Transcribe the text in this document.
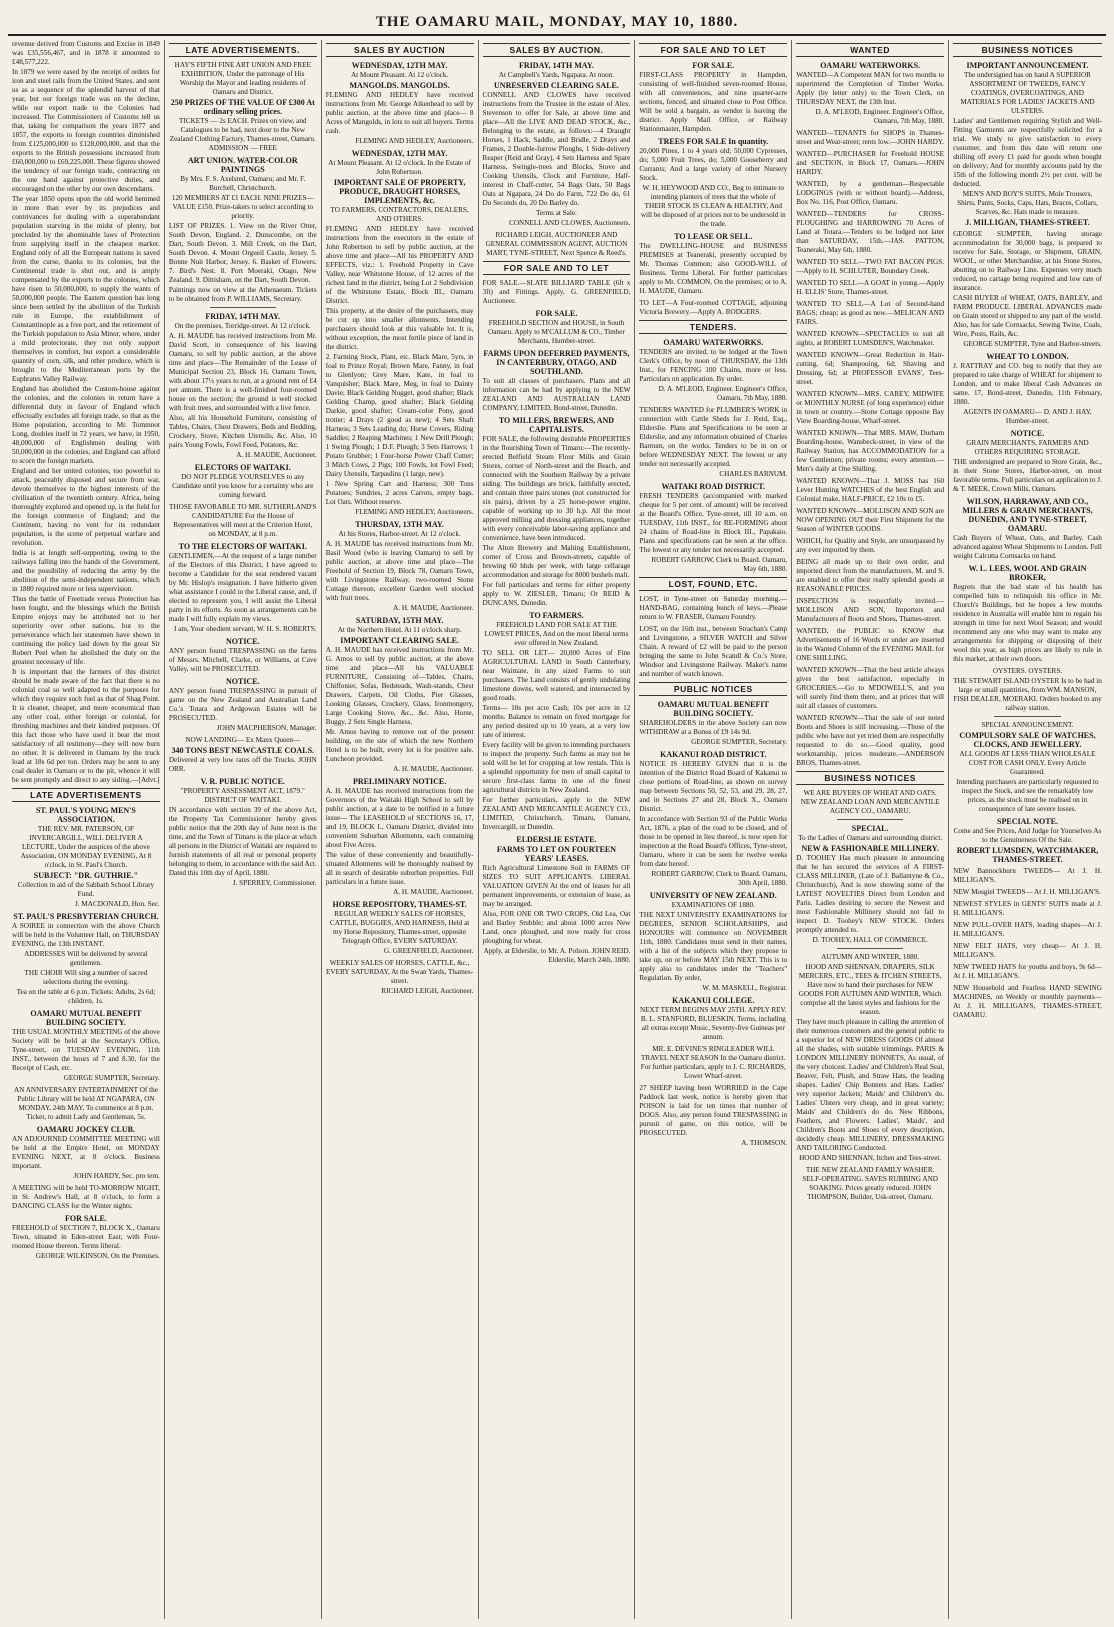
THE OAMARU MAIL, MONDAY, MAY 10, 1880.

revenue derived from Customs and Excise in 1849 was £35,556,467, and in 1878 it amounted to £48,577,222.

In 1879 we were eased by the receipt of orders for iron and steel rails from the United States, and sent us as a sequence of the splendid harvest of that year, but our foreign trade was on the decline, while our export trade to the Colonies had increased. The Commissioners of Customs tell us that, taking for comparison the years 1877 and 1857, the exports to foreign countries diminished from £125,000,000 to £128,000,000, and that the exports to the British possessions increased from £60,000,000 to £69,225,000. These figures showed the tendency of our foreign trade, contracting on the one hand against protective duties, and encouraged on the other by our own descendants.

The year 1850 opens upon the old world hemmed in more than ever by its prejudices and contrivances for dealing with a superabundant population starving in the midst of plenty, but precluded by the abominable laws of Protection from supplying itself in the cheapest market. England only of all the European nations is saved from the curse, thanks to its colonies, but the Continental trade is shut out, and is amply compensated by the exports to the colonies, which have risen to 50,000,000, to supply the wants of 50,000,000 people. The Eastern question has long since been settled by the abolition of the Turkish rule in Europe, the establishment of Constantinople as a free port, and the retirement of the Turkish population to Asia Minor, where, under a mild protectorate, they not only support themselves in comfort, but export a considerable quantity of corn, silk, and other produce, which is brought to the Mediterranean ports by the Euphrates Valley Railway.

England has abolished the Custom-house against the colonies, and the colonies in return have a differential duty in favour of England which effectually excludes all foreign trade, so that as the Home population, according to Mr. Tommnot Long, doubles itself in 72 years, we have, in 1950, 48,000,000 of Englishmen dealing with 50,000,000 in the colonies, and England can afford to scorn the foreign markets.

England and her united colonies, too powerful to attack, peaceably disposed and secure from war, devote themselves to the highest interests of the civilisation of the twentieth century. Africa, being thoroughly explored and opened up, is the field for the foreign commerce of England; and the Continent, having no vent for its redundant population, is the scene of perpetual warfare and revolution.

India is at length self-supporting, owing to the railways falling into the hands of the Government, and the possibility of reducing the army by the abolition of the semi-independent nations, which in 1880 required more or less supervision.

Thus the battle of Freetrade versus Protection has been fought, and the blessings which the British Empire enjoys may be attributed not to her superiority over other nations, but to the perseverance which her statesmen have shown in continuing the policy laid down by the great Sir Robert Peel when he abolished the duty on the greatest necessary of life.

It is important that the farmers of this district should be made aware of the fact that there is no colonial coal so well adapted to the purposes for which they require such fuel as that of Shag Point. It is cleaner, cheaper, and more economical than any other coal, either foreign or colonial, for threshing machines and their kindred purposes. Of this fact those who have used it bear the most satisfactory of all testimony—they will now burn no other. It is delivered in Oamaru by the truck load at 18s 6d per ton. Orders may be sent to any coal dealer in Oamaru or to the pit, whence it will be sent promptly and direct to any siding.—[Advt.]

LATE ADVERTISEMENTS

ST. PAUL'S YOUNG MEN'S ASSOCIATION.

THE REV. MR. PATERSON, OF INVERCARGILL, WILL DELIVER A LECTURE, Under the auspices of the above Association, ON MONDAY EVENING, At 8 o'clock, in St. Paul's Church.

SUBJECT: "DR. GUTHRIE."

Collection in aid of the Sabbath School Library Fund.

J. MACDONALD, Hon. Sec.

ST. PAUL'S PRESBYTERIAN CHURCH.

A SOIREE in connection with the above Church will be held in the Volunteer Hall, on THURSDAY EVENING, the 13th INSTANT.

ADDRESSES Will be delivered by several gentlemen.

THE CHOIR Will sing a number of sacred selections during the evening.

Tea on the table at 6 p.m. Tickets: Adults, 2s 6d; children, 1s.

OAMARU MUTUAL BENEFIT BUILDING SOCIETY.

THE USUAL MONTHLY MEETING of the above Society will be held at the Secretary's Office, Tyne-street, on TUESDAY EVENING, 11th INST., between the hours of 7 and 8.30, for the Receipt of Cash, etc.

GEORGE SUMPTER, Secretary.

AN ANNIVERSARY ENTERTAINMENT Of the Public Library will be held AT NGAPARA, ON MONDAY, 24th MAY, To commence at 8 p.m. Ticket, to admit Lady and Gentleman, 5s.

OAMARU JOCKEY CLUB.

AN ADJOURNED COMMITTEE MEETING will be held at the Empire Hotel, on MONDAY EVENING NEXT, at 8 o'clock. Business important.

JOHN HARDY, Sec. pro tem.

A MEETING will be held TO-MORROW NIGHT, in St. Andrew's Hall, at 8 o'clock, to form a DANCING CLASS for the Winter nights.

FOR SALE.

FREEHOLD of SECTION 7, BLOCK X., Oamaru Town, situated in Eden-street East; with Four-roomed House thereon. Terms liberal.

GEORGE WILKINSON, On the Premises.

LATE ADVERTISEMENTS.

HAY'S FIFTH FINE ART UNION AND FREE EXHIBITION, Under the patronage of His Worship the Mayor and leading residents of Oamaru and District.

250 PRIZES OF THE VALUE OF £300 At ordinary selling prices.

TICKETS — 2s EACH. Prizes on view, and Catalogues to be had, next door to the New Zealand Clothing Factory, Thames-street, Oamaru. ADMISSION — FREE

ART UNION. WATER-COLOR PAINTINGS

By Mrs. F. S. Axelsted, Oamaru; and Mr. F. Burchell, Christchurch.

120 MEMBERS AT £1 EACH. NINE PRIZES—VALUE £150. Prize-takers to select according to priority.

LIST OF PRIZES. 1. View on the River Otter, South Devon, England. 2. Dunscombe, on the Dart, South Devon. 3. Mill Creek, on the Dart, South Devon. 4. Mount Orgueil Castle, Jersey. 5. Bonne Nuit Harbor, Jersey. 6. Basket of Flowers. 7. Bird's Nest. 8. Port Moeraki, Otago, New Zealand. 9. Dittisham, on the Dart, South Devon.

Paintings now on view at the Athenaeum. Tickets to be obtained from P. WILLIAMS, Secretary.

FRIDAY, 14TH MAY.

On the premises, Torridge-street. At 12 o'clock.

A. H. MAUDE has received instructions from Mr. David Scott, in consequence of his leaving Oamaru, to sell by public auction, at the above time and place—The Remainder of the Lease of Municipal Section 23, Block 16, Oamaru Town, with about 17½ years to run, at a ground rent of £4 per annum. There is a well-finished four-roomed house on the section; the ground is well stocked with fruit trees, and surrounded with a live fence.

Also, all his Household Furniture, consisting of Tables, Chairs, Chest Drawers, Beds and Bedding, Crockery, Stove, Kitchen Utensils, &c. Also, 10 pairs Young Fowls, Fowl Feed, Potatoes, &c.

A. H. MAUDE, Auctioneer.

ELECTORS OF WAITAKI.

DO NOT PLEDGE YOURSELVES to any Candidate until you know for a certainty who are coming forward.

THOSE FAVORABLE TO MR. SUTHERLAND'S CANDIDATURE For the House of Representatives will meet at the Criterion Hotel, on MONDAY, at 8 p.m.

TO THE ELECTORS OF WAITAKI.

GENTLEMEN,—At the request of a large number of the Electors of this District, I have agreed to become a Candidate for the seat rendered vacant by Mr. Hislop's resignation. I have hitherto given what assistance I could to the Liberal cause, and, if elected to represent you, I will assist the Liberal party in its efforts. As soon as arrangements can be made I will fully explain my views.

I am, Your obedient servant, W. H. S. ROBERTS.

NOTICE.

ANY person found TRESPASSING on the farms of Messrs. Mitchell, Clarke, or Williams, at Cave Valley, will be PROSECUTED.

NOTICE.

ANY person found TRESPASSING in pursuit of game on the New Zealand and Australian Land Co.'s Totara and Ardgowan Estates will be PROSECUTED.

JOHN MACPHERSON, Manager.

NOW LANDING— Ex Manx Queen—

340 TONS BEST NEWCASTLE COALS.

Delivered at very low rates off the Trucks. JOHN ORR.

V. R. PUBLIC NOTICE.

"PROPERTY ASSESSMENT ACT, 1879." DISTRICT OF WAITAKI.

IN accordance with section 39 of the above Act, the Property Tax Commissioner hereby gives public notice that the 20th day of June next is the time, and the Town of Timaru is the place at which all persons in the District of Waitaki are required to furnish statements of all real or personal property belonging to them, in accordance with the said Act. Dated this 10th day of April, 1880.

J. SPERREY, Commissioner.

SALES BY AUCTION

WEDNESDAY, 12TH MAY.

At Mount Pleasant. At 12 o'clock.

MANGOLDS. MANGOLDS.

FLEMING AND HEDLEY have received instructions from Mr. George Aikenhead to sell by public auction, at the above time and place— 8 Acres of Mangolds, in lots to suit all buyers. Terms cash.

FLEMING AND HEDLEY, Auctioneers.

WEDNESDAY, 12TH MAY.

At Mount Pleasant. At 12 o'clock. In the Estate of John Robertson.

IMPORTANT SALE OF PROPERTY, PRODUCE, DRAUGHT HORSES, IMPLEMENTS, &c.

TO FARMERS, CONTRACTORS, DEALERS, AND OTHERS.

FLEMING AND HEDLEY have received instructions from the executors in the estate of John Robertson to sell by public auction, at the above time and place—All his PROPERTY AND EFFECTS, viz.: 1. Freehold Property in Cave Valley, near Whitstone House, of 12 acres of the richest land in the district, being Lot 2 Subdivision of the Whitstone Estate, Block III., Oamaru District.

This property, at the desire of the purchasers, may be cut up into smaller allotments. Intending purchasers should look at this valuable lot. It is, without exception, the most fertile piece of land in the district.

2. Farming Stock, Plant, etc. Black Mare, 5yrs, in foal to Prince Royal; Brown Mare, Fanny, in foal to Glenlyon; Grey Mare, Kate, in foal to Vanquisher; Black Mare, Meg, in foal to Dainty Davie; Black Gelding Nugget, good shafter; Black Gelding Champ, good shafter; Black Gelding Darkie, good shafter; Cream-color Pony, good trotter; 4 Drays (2 good as new); 4 Sets Shaft Harness; 3 Sets Leading do; Horse Covers, Riding Saddles; 2 Reaping Machines; 1 New Drill Plough; 1 Swing Plough; 1 D.F. Plough; 3 Sets Harrows; 1 Potato Grubber; 1 Four-horse Power Chaff Cutter; 3 Milch Cows, 2 Pigs; 100 Fowls, lot Fowl Feed; Dairy Utensils, Tarpaulins (1 large, new).

1 New Spring Cart and Harness; 300 Tons Potatoes; Sundries, 2 acres Carrots, empty bags. Lot Oats. Without reserve.

FLEMING AND HEDLEY, Auctioneers.

THURSDAY, 13TH MAY.

At his Stores, Harbor-street. At 12 o'clock.

A. H. MAUDE has received instructions from Mr. Basil Wood (who is leaving Oamaru) to sell by public auction, at above time and place—The Freehold of Section 19, Block 78, Oamaru Town, with Livingstone Railway, two-roomed Stone Cottage thereon, excellent Garden well stocked with fruit trees.

A. H. MAUDE, Auctioneer.

SATURDAY, 15TH MAY.

At the Northern Hotel. At 11 o'clock sharp.

IMPORTANT CLEARING SALE.

A. H. MAUDE has received instructions from Mr. G. Amos to sell by public auction, at the above time and place—All his VALUABLE FURNITURE, Consisting of—Tables, Chairs, Chiffonier, Sofas, Bedsteads, Wash-stands, Chest Drawers, Carpets, Oil Cloths, Pier Glasses, Looking Glasses, Crockery, Glass, Ironmongery, Large Cooking Stove, &c., &c. Also, Horse, Buggy, 2 Sets Single Harness.

Mr. Amos having to remove out of the present building, on the site of which the new Northern Hotel is to be built, every lot is for positive sale. Luncheon provided.

A. H. MAUDE, Auctioneer.

PRELIMINARY NOTICE.

A. H. MAUDE has received instructions from the Governors of the Waitaki High School to sell by public auction, at a date to be notified in a future issue— The LEASEHOLD of SECTIONS 16, 17, and 19, BLOCK I., Oamaru District, divided into convenient Suburban Allotments, each containing about Five Acres.

The value of these conveniently and beautifully-situated Allotments will be thoroughly realised by all in search of desirable suburban properties. Full particulars in a future issue.

A. H. MAUDE, Auctioneer.

HORSE REPOSITORY, THAMES-ST.

REGULAR WEEKLY SALES OF HORSES, CATTLE, BUGGIES, AND HARNESS, Held at my Horse Repository, Thames-street, opposite Telegraph Office, EVERY SATURDAY.

G. GREENFIELD, Auctioneer.

WEEKLY SALES OF HORSES, CATTLE, &c., EVERY SATURDAY, At the Swan Yards, Thames-street.

RICHARD LEIGH, Auctioneer.

SALES BY AUCTION.

FRIDAY, 14TH MAY.

At Campbell's Yards, Ngapara. At noon.

UNRESERVED CLEARING SALE.

CONNELL AND CLOWES have received instructions from the Trustee in the estate of Alex. Stevenson to offer for Sale, at above time and place—All the LIVE AND DEAD STOCK, &c., Belonging to the estate, as follows:—4 Draught Horses, 1 Hack, Saddle, and Bridle, 2 Drays and Frames, 2 Double-furrow Ploughs, 1 Side-delivery Reaper (Reid and Gray), 4 Sets Harness and Spare Harness, Swingle-trees and Blocks, Stove and Cooking Utensils, Clock and Furniture, Half-interest in Chaff-cutter, 54 Bags Oats, 50 Bags Oats at Ngapara, 24 Do do Farm, 722 Do do, 61 Do Seconds do, 20 Do Barley do.

Terms at Sale.

CONNELL AND CLOWES, Auctioneers.

RICHARD LEIGH, AUCTIONEER AND GENERAL COMMISSION AGENT, AUCTION MART, TYNE-STREET, Next Spence & Reed's.

FOR SALE AND TO LET

FOR SALE.—SLATE BILLIARD TABLE (6ft x 3ft) and Fittings. Apply, G. GREENFIELD, Auctioneer.

FOR SALE.

FREEHOLD SECTION and HOUSE, in South Oamaru. Apply to M'CALLUM & CO., Timber Merchants, Humber-street.

FARMS UPON DEFERRED PAYMENTS, IN CANTERBURY, OTAGO, AND SOUTHLAND.

To suit all classes of purchasers. Plans and all information can be had by applying to the NEW ZEALAND AND AUSTRALIAN LAND COMPANY, LIMITED, Bond-street, Dunedin.

TO MILLERS, BREWERS, AND CAPITALISTS.

FOR SALE, the following desirable PROPERTIES in the flourishing Town of Timaru:—The recently-erected Belfield Steam Flour Mills and Grain Stores, corner of North-street and the Beach, and connected with the Southern Railway by a private siding. The buildings are brick, faithfully erected, and contain three pairs stones (not constructed for six pairs), driven by a 25 horse-power engine, capable of working up to 30 h.p. All the most approved milling and dressing appliances, together with every conceivable labor-saving appliance and convenience, have been introduced.

The Alton Brewery and Malting Establishment, corner of Cross and Brown-streets, capable of brewing 60 hhds per week, with large cellarage accommodation and storage for 8000 bushels malt.

For full particulars and terms for either property apply to W. ZIESLER, Timaru; Or REID & DUNCANS, Dunedin.

TO FARMERS.

FREEHOLD LAND FOR SALE AT THE LOWEST PRICES, And on the most liberal terms ever offered in New Zealand.

TO SELL OR LET— 20,000 Acres of Fine AGRICULTURAL LAND in South Canterbury, near Waimate, in any sized Farms to suit purchasers. The Land consists of gently undulating limestone downs, well watered, and intersected by good roads.

Terms— 10s per acre Cash; 10s per acre in 12 months. Balance to remain on fixed mortgage for any period desired up to 10 years, at a very low rate of interest.

Every facility will be given to intending purchasers to inspect the property. Such farms as may not be sold will be let for cropping at low rentals. This is a splendid opportunity for men of small capital to secure first-class farms in one of the finest agricultural districts in New Zealand.

For further particulars, apply to the NEW ZEALAND AND MERCANTILE AGENCY CO., LIMITED, Christchurch, Timaru, Oamaru, Invercargill, or Dunedin.

ELDERSLIE ESTATE.

FARMS TO LET ON FOURTEEN YEARS' LEASES.

Rich Agricultural Limestone Soil in FARMS OF SIZES TO SUIT APPLICANTS. LIBERAL VALUATION GIVEN At the end of leases for all permanent improvements, or extension of lease, as may be arranged.

Also, FOR ONE OR TWO CROPS, Old Lea, Oat and Barley Stubble; and about 1000 acres New Land, once ploughed, and now ready for cross ploughing for wheat.

Apply, at Elderslie, to Mr. A. Polson. JOHN REID. Elderslie, March 24th, 1880.

FOR SALE AND TO LET

FOR SALE.

FIRST-CLASS PROPERTY in Hampden, consisting of well-finished seven-roomed House, with all conveniences, and nine quarter-acre sections, fenced, and situated close to Post Office. Will be sold a bargain, as vendor is leaving the district. Apply Mail Office, or Railway Stationmaster, Hampden.

TREES FOR SALE In quantity.

20,000 Pines, 1 to 4 years old; 50,000 Cypresses, do; 5,000 Fruit Trees, do; 5,000 Gooseberry and Currants; And a large variety of other Nursery Stock.

W. H. HEYWOOD AND CO., Beg to intimate to intending planters of trees that the whole of THEIR STOCK IS CLEAN & HEALTHY, And will be disposed of at prices not to be undersold in the trade.

TO LEASE OR SELL.

The DWELLING-HOUSE and BUSINESS PREMISES at Teaneraki, presently occupied by Mr. Thomas Common; also GOOD-WILL of Business. Terms Liberal. For further particulars apply to Mr. COMMON, On the premises; or to A. H. MAUDE, Oamaru.

TO LET—A Four-roomed COTTAGE, adjoining Victoria Brewery.—Apply A. RODGERS.

TENDERS.

OAMARU WATERWORKS.

TENDERS are invited, to be lodged at the Town Clerk's Office, by noon of THURSDAY, the 13th Inst., for FENCING 100 Chains, more or less. Particulars on application. By order.

D. A. M'LEOD, Engineer. Engineer's Office, Oamaru, 7th May, 1880.

TENDERS WANTED for PLUMBER'S WORK in connection with Cattle Sheds for J. Reid, Esq., Elderslie. Plans and Specifications to be seen at Elderslie, and any information obtained of Charles Barnum, on the works. Tenders to be in on or before WEDNESDAY NEXT. The lowest or any tender not necessarily accepted.

CHARLES BARNUM.

WAITAKI ROAD DISTRICT.

FRESH TENDERS (accompanied with marked cheque for 5 per cent. of amount) will be received at the Board's Office, Tyne-street, till 10 a.m. on TUESDAY, 11th INST., for RE-FORMING about 24 chains of Road-line in Block III., Papakaio. Plans and specifications can be seen at the office. The lowest or any tender not necessarily accepted.

ROBERT GARROW, Clerk to Board. Oamaru, May 6th, 1880.

LOST, FOUND, ETC.

LOST, in Tyne-street on Saturday morning,—HAND-BAG, containing bunch of keys.—Please return to W. FRASER, Oamaru Foundry.

LOST, on the 16th inst., between Strachan's Camp and Livingstone, a SILVER WATCH and Silver Chain. A reward of £2 will be paid to the person bringing the same to John Scandl & Co.'s Store, Windsor and Livingstone Railway. Maker's name and number of watch known.

PUBLIC NOTICES

OAMARU MUTUAL BENEFIT BUILDING SOCIETY.

SHAREHOLDERS in the above Society can now WITHDRAW at a Bonus of £9 14s 9d.

GEORGE SUMPTER, Secretary.

KAKANUI ROAD DISTRICT.

NOTICE IS HEREBY GIVEN that it is the intention of the District Road Board of Kakanui to close portions of Road-line, as shown on survey map between Sections 50, 52, 53, and 29, 28, 27, and in Sections 27 and 28, Block X., Oamaru District.

In accordance with Section 93 of the Public Works Act, 1876, a plan of the road to be closed, and of those to be opened in lieu thereof, is now open for inspection at the Road Board's Offices, Tyne-street, Oamaru, where it can be seen for twelve weeks from date hereof.

ROBERT GARROW, Clerk to Board. Oamaru, 30th April, 1880.

UNIVERSITY OF NEW ZEALAND.

EXAMINATIONS OF 1880.

THE NEXT UNIVERSITY EXAMINATIONS for DEGREES, SENIOR SCHOLARSHIPS, and HONOURS will commence on NOVEMBER 11th, 1880. Candidates must send in their names, with a list of the subjects which they propose to take up, on or before MAY 15th NEXT. This is to apply also to candidates under the "Teachers" Regulation. By order,

W. M. MASKELL, Registrar.

KAKANUI COLLEGE.

NEXT TERM BEGINS MAY 25TH. APPLY REV. B. L. STANFORD, BLUESKIN. Terms, including all extras except Music, Seventy-five Guineas per annum.

MR. E. DEVINE'S RINGLEADER WILL TRAVEL NEXT SEASON In the Oamaru district. For further particulars, apply to J. C. RICHARDS, Lower Wharf-street.

27 SHEEP having been WORRIED in the Cape Paddock last week, notice is hereby given that POISON is laid for ten times that number of DOGS. Also, any person found TRESPASSING in pursuit of game, on this notice, will be PROSECUTED.

A. THOMSON.

WANTED

OAMARU WATERWORKS.

WANTED—A Competent MAN for two months to superintend the Completion of Timber Works. Apply (by letter only) to the Town Clerk, on THURSDAY NEXT, the 13th Inst.

D. A. M'LEOD, Engineer. Engineer's Office, Oamaru, 7th May, 1880.

WANTED—TENANTS for SHOPS in Thames-street and Wear-street; rents low.—JOHN HARDY.

WANTED—PURCHASER for Freehold HOUSE and SECTION, in Block 17, Oamaru.—JOHN HARDY.

WANTED, by a gentleman—Respectable LODGINGS (with or without board).—Address, Box No. 116, Post Office, Oamaru.

WANTED—TENDERS for CROSS-PLOUGHING and HARROWING 70 Acres of Land at Totara.—Tenders to be lodged not later than SATURDAY, 15th.—JAS. PATTON, Teaneraki, May 6th, 1880.

WANTED TO SELL—TWO FAT BACON PIGS.—Apply to H. SCHLUTER, Boundary Creek.

WANTED TO SELL—A GOAT in young.—Apply H. ELLIS' Store, Thames-street.

WANTED TO SELL—A Lot of Second-hand BAGS; cheap; as good as new.—MELICAN AND FAIRS.

WANTED KNOWN—SPECTACLES to suit all sights, at ROBERT LUMSDEN'S, Watchmaker.

WANTED KNOWN—Great Reduction in Hair-cutting, 6d; Shampooing, 6d; Shaving and Dressing, 6d; at PROFESSOR EVANS', Tees-street.

WANTED KNOWN—MRS. CAREY, MIDWIFE or MONTHLY NURSE (of long experience) either in town or country.—Stone Cottage opposite Bay View Boarding-house, Wharf-street.

WANTED KNOWN—That MRS. MAW, Durham Boarding-house, Wansbeck-street, in view of the Railway Station, has ACCOMMODATION for a few Gentlemen; private rooms; every attention.—Men's daily at One Shilling.

WANTED KNOWN—That J. MOSS has 160 Lever Hunting WATCHES of the best English and Colonial make, HALF-PRICE, £2 10s to £5.

WANTED KNOWN—MOLLISON AND SON are NOW OPENING OUT their First Shipment for the Season of WINTER GOODS.

WHICH, for Quality and Style, are unsurpassed by any ever imported by them.

BEING all made up to their own order, and imported direct from the manufacturers, M. and S. are enabled to offer their really splendid goods at REASONABLE PRICES.

INSPECTION is respectfully invited.—MOLLISON AND SON, Importers and Manufacturers of Boots and Shoes, Thames-street.

WANTED, the PUBLIC to KNOW that Advertisements of 16 Words or under are inserted in the Wanted Column of the EVENING MAIL for ONE SHILLING.

WANTED KNOWN—That the best article always gives the best satisfaction, especially in GROCERIES.—Go to M'DOWELL'S, and you will surely find them there, and at prices that will suit all classes of customers.

WANTED KNOWN—That the sale of our noted Boots and Shoes is still increasing.—Those of the public who have not yet tried them are respectfully requested to do so.—Good quality, good workmanship, prices moderate.—ANDERSON BROS, Thames-street.

BUSINESS NOTICES

WE ARE BUYERS OF WHEAT AND OATS. NEW ZEALAND LOAN AND MERCANTILE AGENCY CO., OAMARU.

SPECIAL.

To the Ladies of Oamaru and surrounding district.

NEW & FASHIONABLE MILLINERY.

D. TOOHEY Has much pleasure in announcing that he has secured the services of A FIRST-CLASS MILLINER, (Late of J. Ballantyne & Co., Christchurch), And is now showing some of the LATEST NOVELTIES Direct from London and Paris. Ladies desiring to secure the Newest and most Fashionable Millinery should not fail to inspect D. Toohey's NEW STOCK. Orders promptly attended to.

D. TOOHEY, HALL OF COMMERCE.

AUTUMN AND WINTER, 1880.

HOOD AND SHENNAN, DRAPERS, SILK MERCERS, ETC., TEES & ITCHEN STREETS, Have now to hand their purchases for NEW GOODS FOR AUTUMN AND WINTER, Which comprise all the latest styles and fashions for the season.

They have much pleasure in calling the attention of their numerous customers and the general public to a superior lot of NEW DRESS GOODS Of almost all the shades, with suitable trimmings. PARIS & LONDON MILLINERY BONNETS, As usual, of the very choicest. Ladies' and Children's Real Seal, Beaver, Felt, Plush, and Straw Hats, the leading shapes. Ladies' Chip Bonnets and Hats. Ladies' very superior Jackets; Maids' and Children's do. Ladies' Ulsters very cheap, and in great variety; Maids' and Children's do do. New Ribbons, Feathers, and Flowers. Ladies', Maids', and Children's Boots and Shoes of every description, decidedly cheap. MILLINERY, DRESSMAKING AND TAILORING Conducted.

HOOD AND SHENNAN, Itchen and Tees-street.

THE NEW ZEALAND FAMILY WASHER. SELF-OPERATING. SAVES RUBBING AND SOAKING. Prices greatly reduced. JOHN THOMPSON, Builder, Usk-street, Oamaru.

BUSINESS NOTICES

IMPORTANT ANNOUNCEMENT.

The undersigned has on hand A SUPERIOR ASSORTMENT OF TWEEDS, FANCY COATINGS, OVERCOATINGS, AND MATERIALS FOR LADIES' JACKETS AND ULSTERS.

Ladies' and Gentlemen requiring Stylish and Well-Fitting Garments are respectfully solicited for a trial. We study to give satisfaction to every customer, and from this date will return one shilling off every £1 paid for goods when bought on delivery; And for monthly accounts paid by the 15th of the following month 2½ per cent. will be deducted.

MEN'S AND BOY'S SUITS, Mole Trousers, Shirts, Pants, Socks, Caps, Hats, Braces, Collars, Scarves, &c. Hats made to measure.

J. MILLIGAN, THAMES-STREET.

GEORGE SUMPTER, having storage accommodation for 30,000 bags, is prepared to receive for Sale, Storage, or Shipment, GRAIN, WOOL, or other Merchandise, at his Stone Stores, abutting on to Railway Line. Expenses very much reduced, no cartage being required and low rate of insurance.

CASH BUYER of WHEAT, OATS, BARLEY, and FARM PRODUCE. LIBERAL ADVANCES made on Grain stored or shipped to any part of the world. Also, has for sale Cornsacks, Sewing Twine, Coals, Wire, Posts, Rails, &c.

GEORGE SUMPTER, Tyne and Harbor-streets.

WHEAT TO LONDON.

J. RATTRAY and CO. beg to notify that they are prepared to take charge of WHEAT for shipment to London, and to make liberal Cash Advances on same. 17, Bond-street, Dunedin, 11th February, 1880.

AGENTS IN OAMARU— D. AND J. HAY, Humber-street.

NOTICE.

GRAIN MERCHANTS, FARMERS AND OTHERS REQUIRING STORAGE.

THE undersigned are prepared to Store Grain, &c., in their Stone Stores, Harbor-street, on most favorable terms. Full particulars on application to J. & T. MEEK, Crown Mills, Oamaru.

WILSON, HARRAWAY, AND CO., MILLERS & GRAIN MERCHANTS, DUNEDIN, AND TYNE-STREET, OAMARU.

Cash Buyers of Wheat, Oats, and Barley. Cash advanced against Wheat Shipments to London. Full weight Calcutta Cornsacks on hand.

W. L. LEES, WOOL AND GRAIN BROKER,

Regrets that the bad state of his health has compelled him to relinquish his office in Mr. Church's Buildings, but he hopes a few months residence in Australia will enable him to regain his strength in time for next Wool Season; and would recommend any one who may want to make any arrangements for shipping or disposing of their wool this year, as high prices are likely to rule in this market, at their own doors.

OYSTERS. OYSTERS.

THE STEWART ISLAND OYSTER Is to be had in large or small quantities, from WM. MANSON, FISH DEALER, MOERAKI. Orders booked to any railway station.

SPECIAL ANNOUNCEMENT.

COMPULSORY SALE OF WATCHES, CLOCKS, AND JEWELLERY.

ALL GOODS AT LESS THAN WHOLESALE COST FOR CASH ONLY. Every Article Guaranteed.

Intending purchasers are particularly requested to inspect the Stock, and see the remarkably low prices, as the stock must be realised on in consequence of late severe losses.

SPECIAL NOTE.

Come and See Prices, And Judge for Yourselves As to the Genuineness Of the Sale.

ROBERT LUMSDEN, WATCHMAKER, THAMES-STREET.

NEW Bannockburn TWEEDS— At J. H. MILLIGAN'S.

NEW Mosgiel TWEEDS— At J. H. MILLIGAN'S.

NEWEST STYLES in GENTS' SUITS made at J. H. MILLIGAN'S.

NEW PULL-OVER HATS, leading shapes—At J. H. MILLIGAN'S.

NEW FELT HATS, very cheap— At J. H. MILLIGAN'S.

NEW TWEED HATS for youths and boys, 9s 6d—At J. H. MILLIGAN'S.

NEW Household and Fearless HAND SEWING MACHINES, on Weekly or monthly payments—At J. H. MILLIGAN'S, THAMES-STREET, OAMARU.
